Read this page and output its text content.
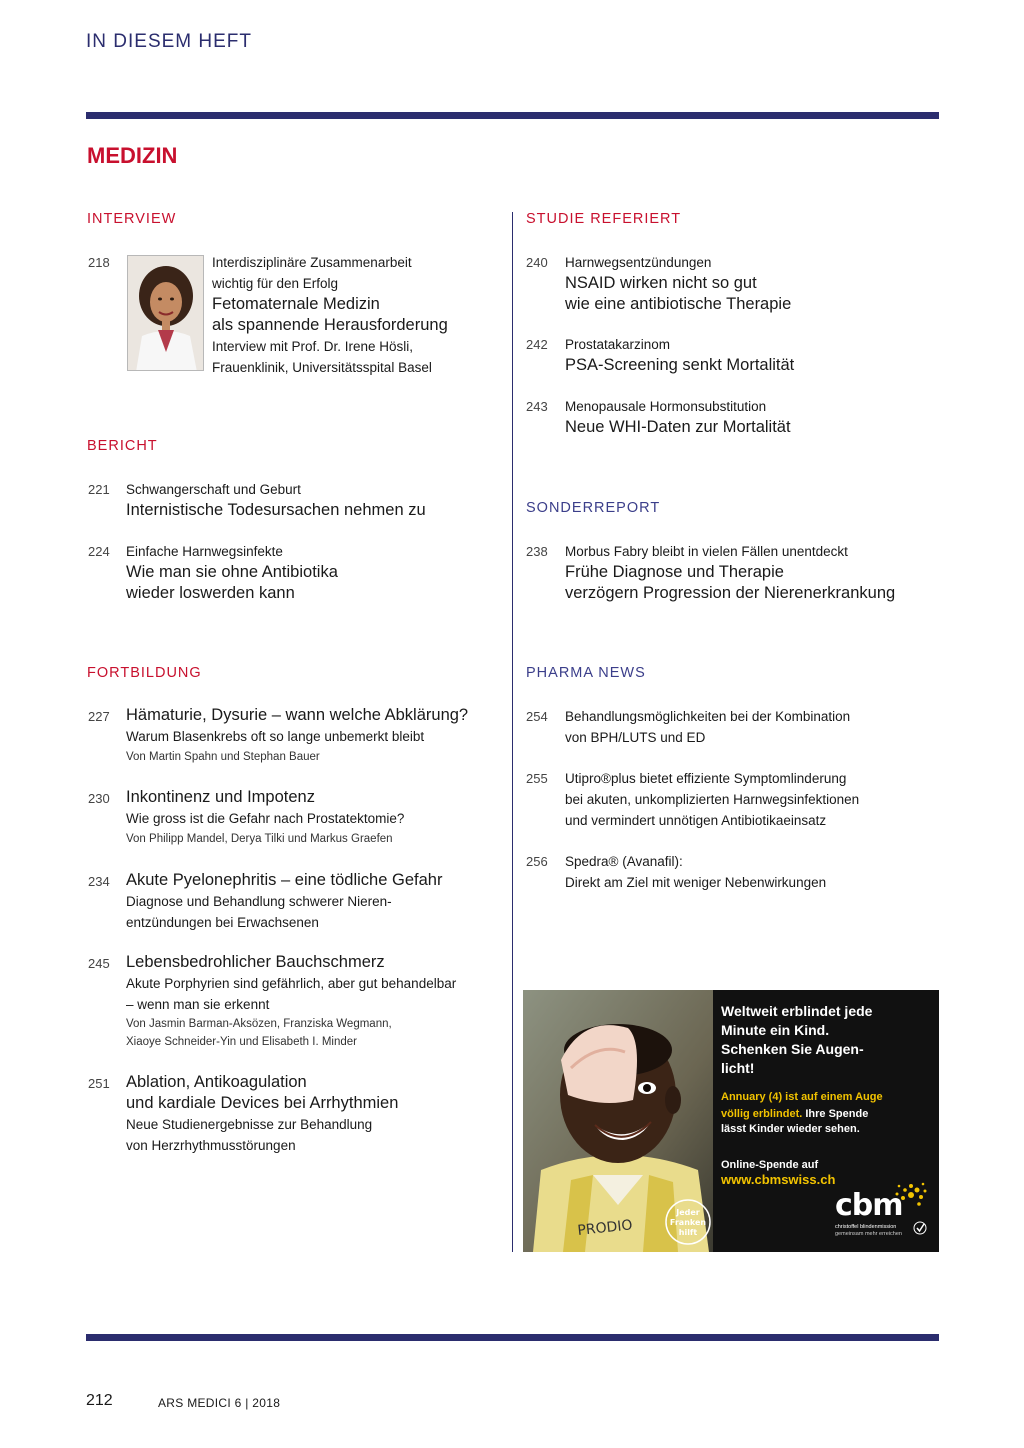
IN DIESEM HEFT
MEDIZIN
INTERVIEW
218	Interdisziplinäre Zusammenarbeit
wichtig für den Erfolg
Fetomaternale Medizin
als spannende Herausforderung
Interview mit Prof. Dr. Irene Hösli,
Frauenklinik, Universitätsspital Basel
BERICHT
221 Schwangerschaft und Geburt
Internistische Todesursachen nehmen zu
224 Einfache Harnwegsinfekte
Wie man sie ohne Antibiotika
wieder loswerden kann
FORTBILDUNG
227 Hämaturie, Dysurie – wann welche Abklärung?
Warum Blasenkrebs oft so lange unbemerkt bleibt
Von Martin Spahn und Stephan Bauer
230 Inkontinenz und Impotenz
Wie gross ist die Gefahr nach Prostatektomie?
Von Philipp Mandel, Derya Tilki und Markus Graefen
234 Akute Pyelonephritis – eine tödliche Gefahr
Diagnose und Behandlung schwerer Nieren-
entzündungen bei Erwachsenen
245 Lebensbedrohlicher Bauchschmerz
Akute Porphyrien sind gefährlich, aber gut behandelbar
– wenn man sie erkennt
Von Jasmin Barman-Aksözen, Franziska Wegmann,
Xiaoye Schneider-Yin und Elisabeth I. Minder
251 Ablation, Antikoagulation
und kardiale Devices bei Arrhythmien
Neue Studienergebnisse zur Behandlung
von Herzrhythmusstörungen
STUDIE REFERIERT
240 Harnwegsentzündungen
NSAID wirken nicht so gut
wie eine antibiotische Therapie
242 Prostatakarzinom
PSA-Screening senkt Mortalität
243 Menopausale Hormonsubstitution
Neue WHI-Daten zur Mortalität
SONDERREPORT
238 Morbus Fabry bleibt in vielen Fällen unentdeckt
Frühe Diagnose und Therapie
verzögern Progression der Nierenerkrankung
PHARMA NEWS
254 Behandlungsmöglichkeiten bei der Kombination
von BPH/LUTS und ED
255 Utipro®plus bietet effiziente Symptomlinderung
bei akuten, unkomplizierten Harnwegsinfektionen
und vermindert unnötigen Antibiotikaeinsatz
256 Spedra® (Avanafil):
Direkt am Ziel mit weniger Nebenwirkungen
PRODIO
Jeder
Franken
hilft
Weltweit erblindet jede
Minute ein Kind.
Schenken Sie Augen-
licht!
Annuary (4) ist auf einem Auge
völlig erblindet. Ihre Spende
lässt Kinder wieder sehen.
Online-Spende auf
www.cbmswiss.ch
cbm
christoffel blindenmission
gemeinsam mehr erreichen
212	ARS MEDICI 6 | 2018
